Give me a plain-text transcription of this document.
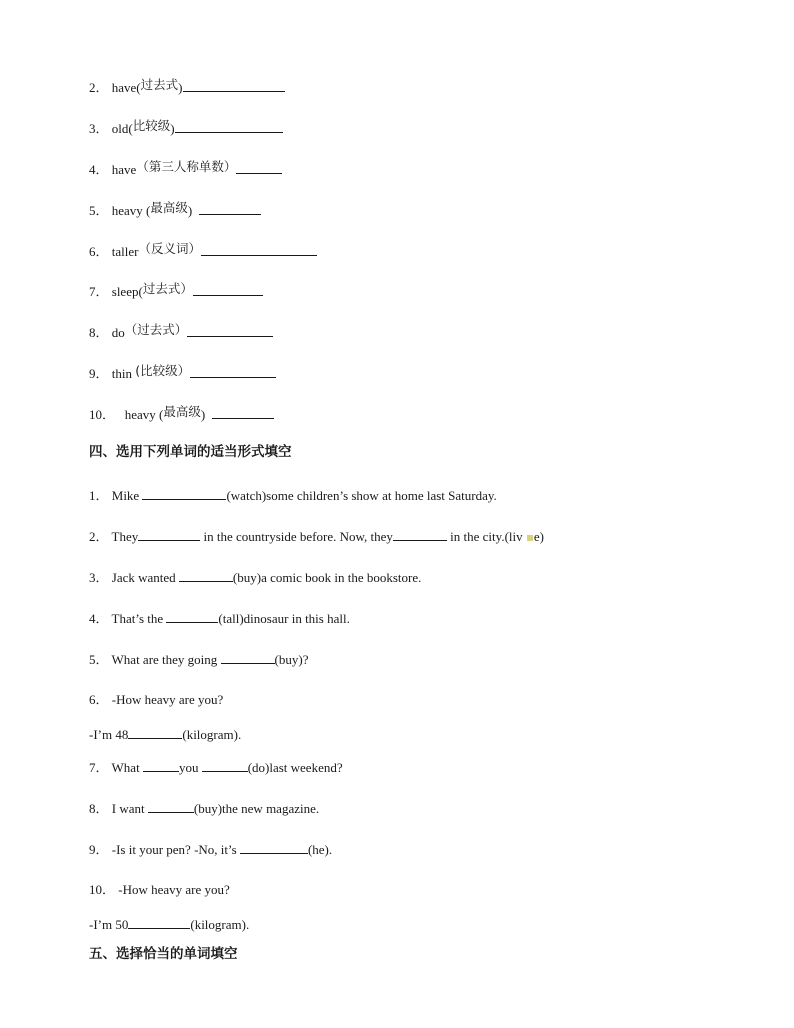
2． have(过去式)
3． old(比较级)
4． have（第三人称单数）
5． heavy (最高级)
6． taller（反义词）
7． sleep(过去式）
8． do（过去式）
9． thin (比较级）
10． heavy (最高级)
四、选用下列单词的适当形式填空
1． Mike	(watch)some children’s show at home last Saturday.
2． They	in the countryside before. Now, they	in the city.(liv e)
3． Jack wanted	(buy)a comic book in the bookstore.
4． That’s the	(tall)dinosaur in this hall.
5． What are they going	(buy)?
6． -How heavy are you?
-I’m 48	(kilogram).
7． What	you	(do)last weekend?
8． I want	(buy)the new magazine.
9． -Is it your pen? -No, it’s	(he).
10． -How heavy are you?
-I’m 50	(kilogram).
五、选择恰当的单词填空
